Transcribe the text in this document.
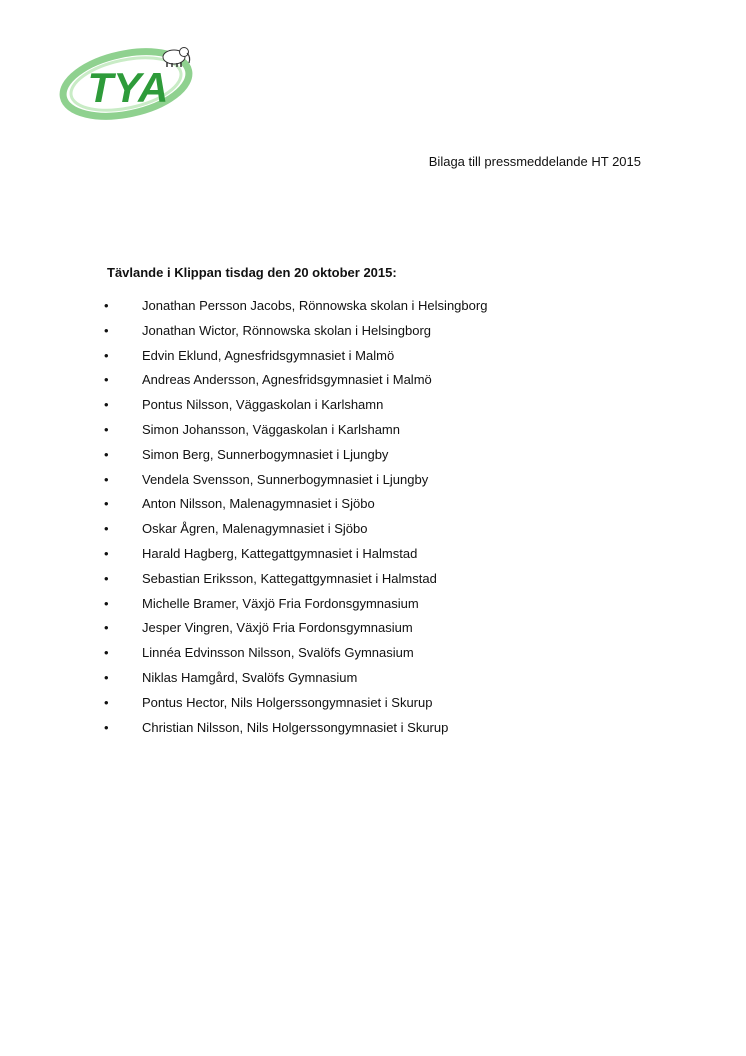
TYA
Bilaga till pressmeddelande HT 2015
Tävlande i Klippan tisdag den 20 oktober 2015:
•	Jonathan Persson Jacobs, Rönnowska skolan i Helsingborg
•	Jonathan Wictor, Rönnowska skolan i Helsingborg
•	Edvin Eklund, Agnesfridsgymnasiet i Malmö
•	Andreas Andersson, Agnesfridsgymnasiet i Malmö
•	Pontus Nilsson, Väggaskolan i Karlshamn
•	Simon Johansson, Väggaskolan i Karlshamn
•	Simon Berg, Sunnerbogymnasiet i Ljungby
•	Vendela Svensson, Sunnerbogymnasiet i Ljungby
•	Anton Nilsson, Malenagymnasiet i Sjöbo
•	Oskar Ågren, Malenagymnasiet i Sjöbo
•	Harald Hagberg, Kattegattgymnasiet i Halmstad
•	Sebastian Eriksson, Kattegattgymnasiet i Halmstad
•	Michelle Bramer, Växjö Fria Fordonsgymnasium
•	Jesper Vingren, Växjö Fria Fordonsgymnasium
•	Linnéa Edvinsson Nilsson, Svalöfs Gymnasium
•	Niklas Hamgård, Svalöfs Gymnasium
•	Pontus Hector, Nils Holgerssongymnasiet i Skurup
•	Christian Nilsson, Nils Holgerssongymnasiet i Skurup
